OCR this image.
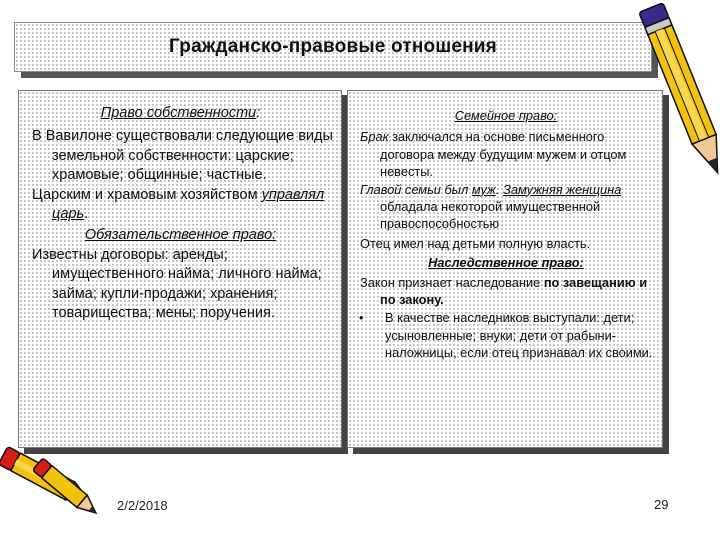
Гражданско-правовые отношения

Право собственности:

В Вавилоне существовали следующие виды земельной собственности: царские; храмовые; общинные; частные.

Царским и храмовым хозяйством управлял царь.

Обязательственное право:

Известны договоры: аренды; имущественного найма; личного найма; займа; купли-продажи; хранения; товарищества; мены; поручения.

Семейное право:

Брак заключался на основе письменного договора между будущим мужем и отцом невесты.

Главой семьи был муж. Замужняя женщина обладала некоторой имущественной правоспособностью

Отец имел над детьми полную власть.

Наследственное право:

Закон признает наследование по завещанию и по закону.

•	В качестве наследников выступали: дети; усыновленные; внуки; дети от рабыни-наложницы, если отец признавал их своими.
2/2/2018	29
